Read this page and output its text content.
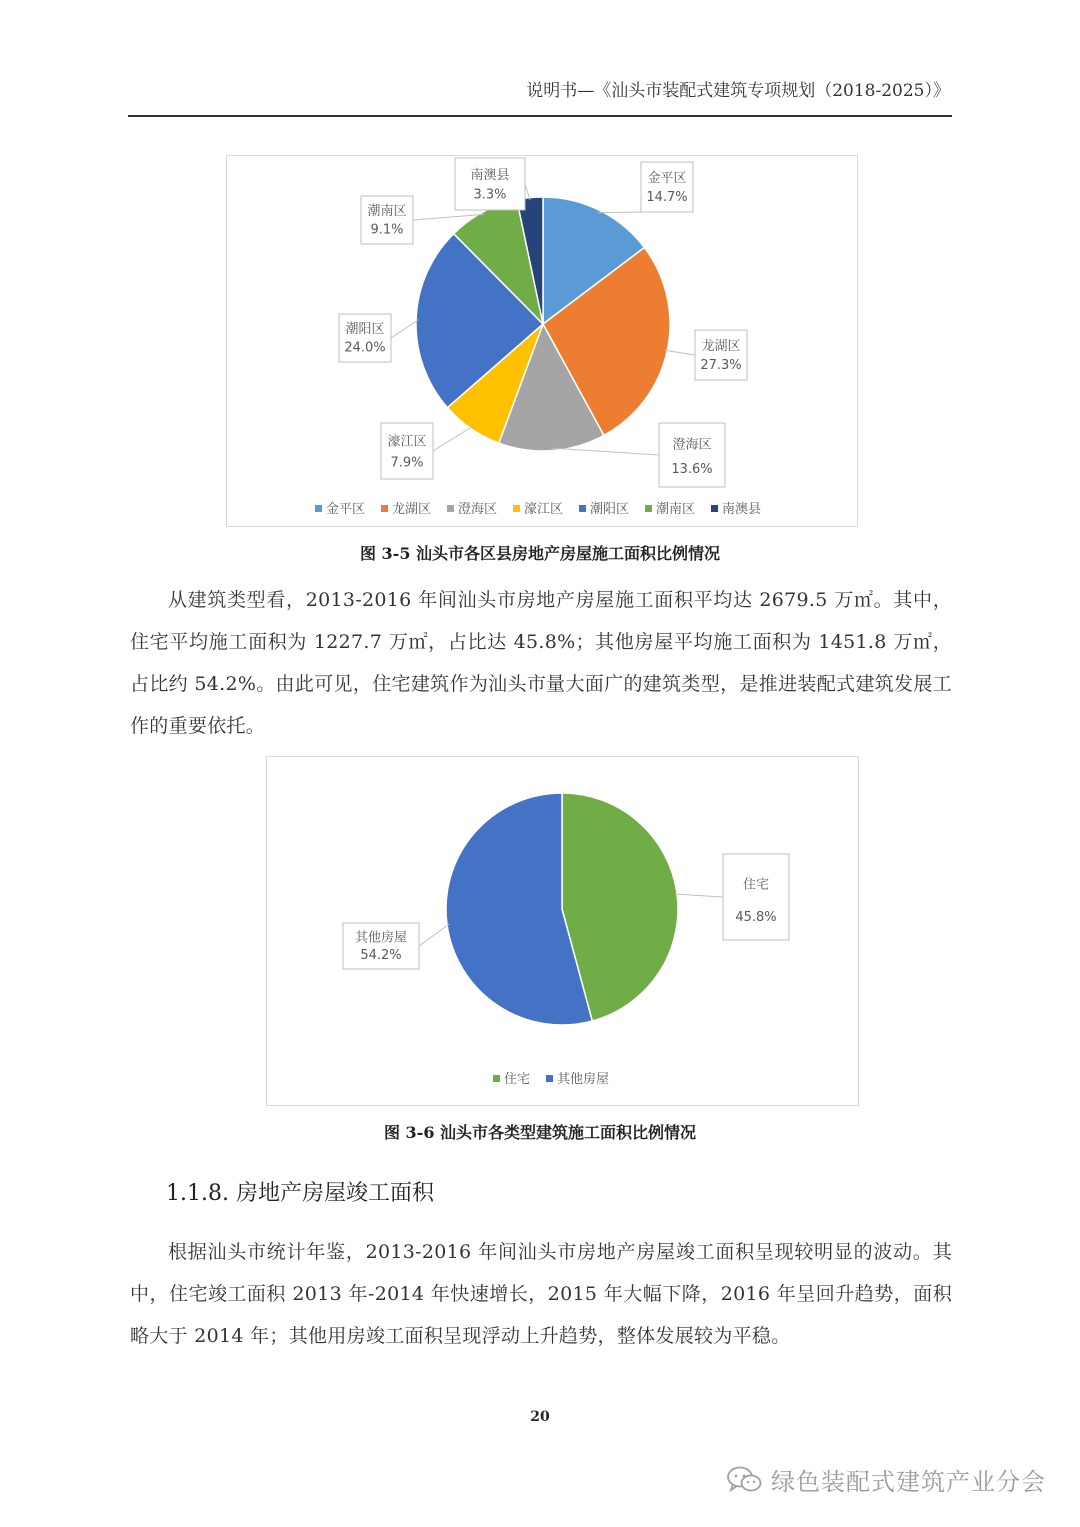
说明书—《汕头市装配式建筑专项规划（2018-2025）》
金平区
14.7%
龙湖区
27.3%
澄海区
13.6%
濠江区
7.9%
潮阳区
24.0%
潮南区
9.1%
南澳县
3.3%
金平区 龙湖区 澄海区 濠江区 潮阳区 潮南区 南澳县
图 3-5 汕头市各区县房地产房屋施工面积比例情况

从建筑类型看，2013-2016 年间汕头市房地产房屋施工面积平均达 2679.5 万㎡。其中，住宅平均施工面积为 1227.7 万㎡，占比达 45.8%；其他房屋平均施工面积为 1451.8 万㎡，占比约 54.2%。由此可见，住宅建筑作为汕头市量大面广的建筑类型，是推进装配式建筑发展工作的重要依托。

住宅
45.8%
其他房屋
54.2%
住宅 其他房屋
图 3-6 汕头市各类型建筑施工面积比例情况
1.1.8. 房地产房屋竣工面积

根据汕头市统计年鉴，2013-2016 年间汕头市房地产房屋竣工面积呈现较明显的波动。其中，住宅竣工面积 2013 年-2014 年快速增长，2015 年大幅下降，2016 年呈回升趋势，面积略大于 2014 年；其他用房竣工面积呈现浮动上升趋势，整体发展较为平稳。

20
绿色装配式建筑产业分会
